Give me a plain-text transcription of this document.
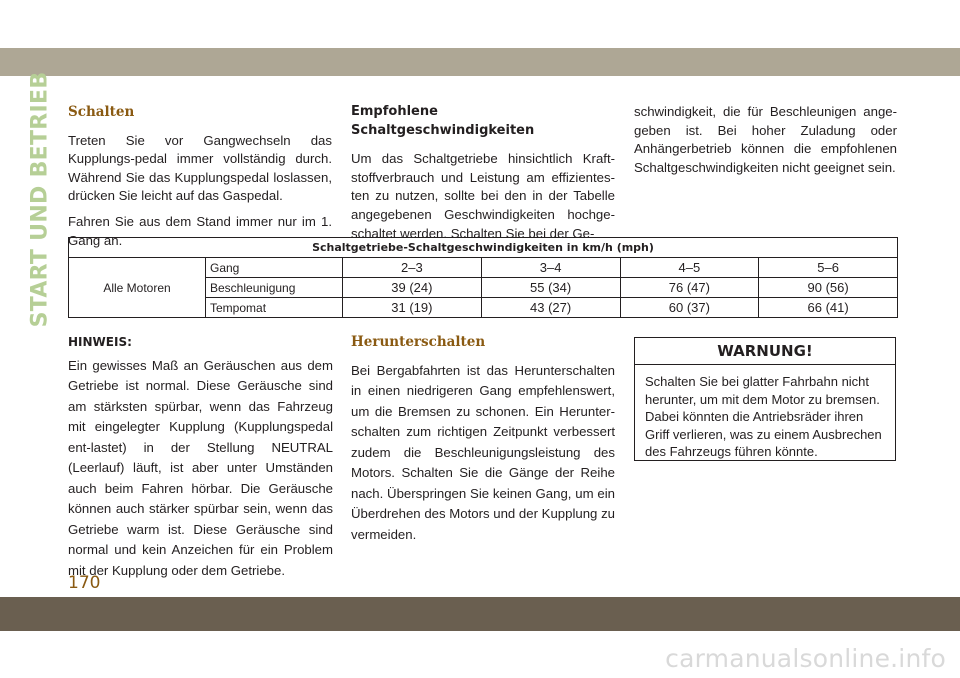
START UND BETRIEB Schalten

Treten Sie vor Gangwechseln das Kupplungs-pedal immer vollständig durch. Während Sie das Kupplungspedal loslassen, drücken Sie leicht auf das Gaspedal.

Fahren Sie aus dem Stand immer nur im 1. Gang an.

Empfohlene Schaltgeschwindigkeiten

Um das Schaltgetriebe hinsichtlich Kraft-stoffverbrauch und Leistung am effizientes-ten zu nutzen, sollte bei den in der Tabelle angegebenen Geschwindigkeiten hochge-schaltet werden. Schalten Sie bei der Ge-

schwindigkeit, die für Beschleunigen ange-geben ist. Bei hoher Zuladung oder Anhängerbetrieb können die empfohlenen Schaltgeschwindigkeiten nicht geeignet sein.

Schaltgetriebe-Schaltgeschwindigkeiten in km/h (mph)					
Alle Motoren	Gang	2–3	3–4	4–5	5–6
	Beschleunigung	39 (24)	55 (34)	76 (47)	90 (56)
	Tempomat	31 (19)	43 (27)	60 (37)	66 (41)
HINWEIS:

Ein gewisses Maß an Geräuschen aus dem Getriebe ist normal. Diese Geräusche sind am stärksten spürbar, wenn das Fahrzeug mit eingelegter Kupplung (Kupplungspedal ent-lastet) in der Stellung NEUTRAL (Leerlauf) läuft, ist aber unter Umständen auch beim Fahren hörbar. Die Geräusche können auch stärker spürbar sein, wenn das Getriebe warm ist. Diese Geräusche sind normal und kein Anzeichen für ein Problem mit der Kupplung oder dem Getriebe.

Herunterschalten

Bei Bergabfahrten ist das Herunterschalten in einen niedrigeren Gang empfehlenswert, um die Bremsen zu schonen. Ein Herunter-schalten zum richtigen Zeitpunkt verbessert zudem die Beschleunigungsleistung des Motors. Schalten Sie die Gänge der Reihe nach. Überspringen Sie keinen Gang, um ein Überdrehen des Motors und der Kupplung zu vermeiden.

WARNUNG!
Schalten Sie bei glatter Fahrbahn nicht herunter, um mit dem Motor zu bremsen. Dabei könnten die Antriebsräder ihren Griff verlieren, was zu einem Ausbrechen des Fahrzeugs führen könnte.
170
carmanualsonline.info
